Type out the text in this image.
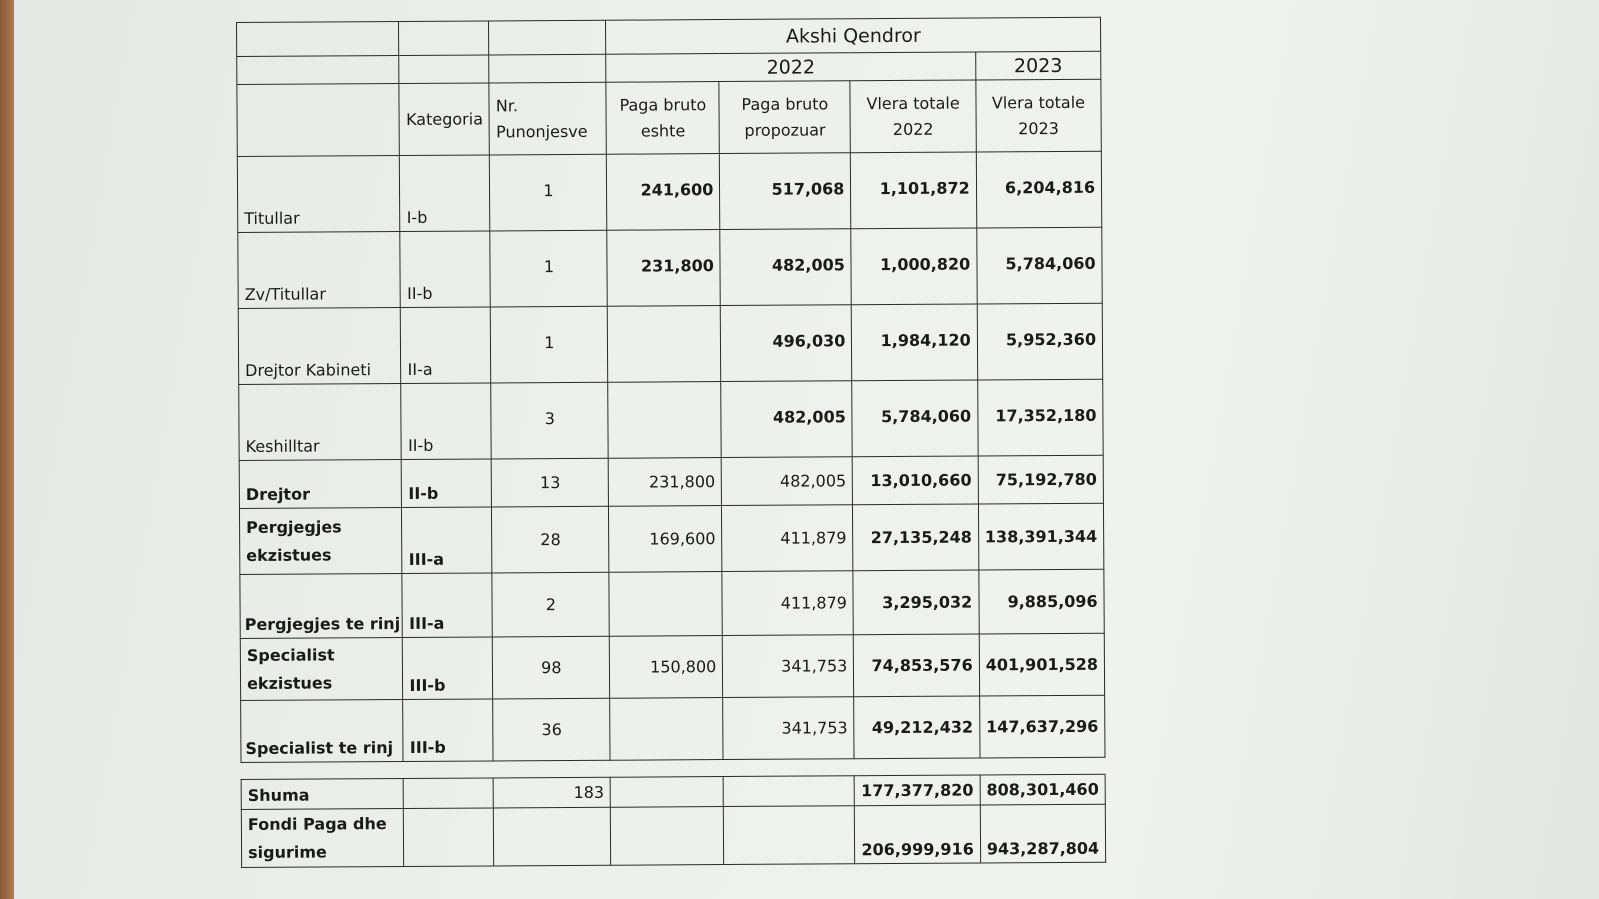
			Akshi Qendror			
			2022			2023
	Kategoria	Nr. Punonjesve	Paga bruto eshte	Paga bruto propozuar	Vlera totale 2022	Vlera totale 2023
Titullar	I-b	1	241,600	517,068	1,101,872	6,204,816
Zv/Titullar	II-b	1	231,800	482,005	1,000,820	5,784,060
Drejtor Kabineti	II-a	1		496,030	1,984,120	5,952,360
Keshilltar	II-b	3		482,005	5,784,060	17,352,180
Drejtor	II-b	13	231,800	482,005	13,010,660	75,192,780
Pergjegjes ekzistues	III-a	28	169,600	411,879	27,135,248	138,391,344
Pergjegjes te rinj	III-a	2		411,879	3,295,032	9,885,096
Specialist ekzistues	III-b	98	150,800	341,753	74,853,576	401,901,528
Specialist te rinj	III-b	36		341,753	49,212,432	147,637,296

Shuma		183			177,377,820	808,301,460
Fondi Paga dhe sigurime					206,999,916	943,287,804
